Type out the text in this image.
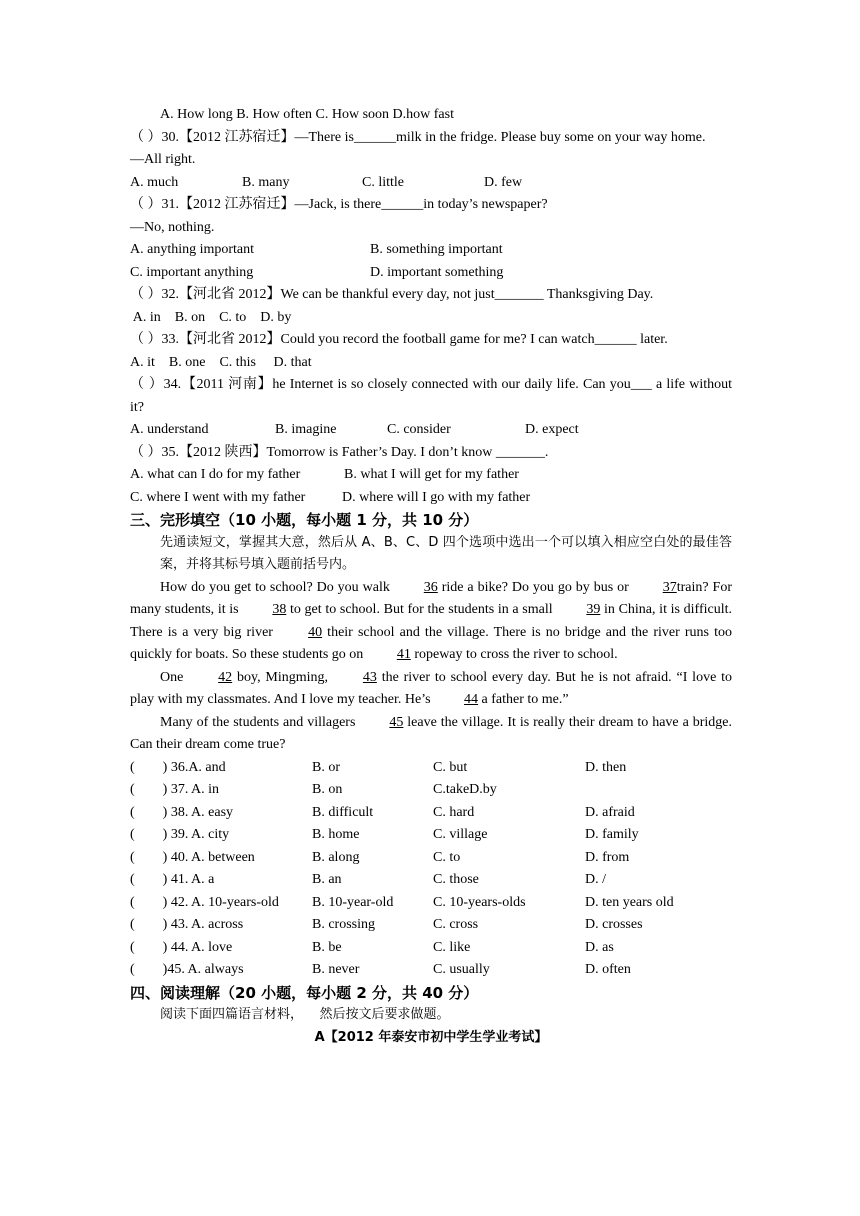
A. How long B. How often C. How soon D.how fast
（ ）30.【2012 江苏宿迁】—There is______milk in the fridge. Please buy some on your way home.
—All right.
A. much	B. many	C. little	D. few
（ ）31.【2012 江苏宿迁】—Jack, is there______in today’s newspaper?
—No, nothing.
A. anything important	B. something important
C. important anything	D. important something
（ ）32.【河北省 2012】We can be thankful every day, not just_______ Thanksgiving Day.
A. in    B. on    C. to    D. by
（ ）33.【河北省 2012】Could you record the football game for me? I can watch______ later.
A. it    B. one    C. this     D. that
（ ）34.【2011 河南】he Internet is so closely connected with our daily life. Can you___ a life without it?
A. understand	B. imagine	C. consider	D. expect
（ ）35.【2012 陕西】Tomorrow is Father’s Day. I don’t know _______.
A. what can I do for my father	B. what I will get for my father
C. where I went with my father	D. where will I go with my father
三、完形填空（10 小题，每小题 1 分，共 10 分）
先通读短文，掌握其大意，然后从 A、B、C、D 四个选项中选出一个可以填入相应空白处的最佳答案，并将其标号填入题前括号内。
How do you get to school? Do you walk 36 ride a bike? Do you go by bus or 37train? For many students, it is 38 to get to school. But for the students in a small 39 in China, it is difficult. There is a very big river 40 their school and the village. There is no bridge and the river runs too quickly for boats. So these students go on 41 ropeway to cross the river to school.
One 42 boy, Mingming, 43 the river to school every day. But he is not afraid. “I love to play with my classmates. And I love my teacher. He’s 44 a father to me.”
Many of the students and villagers 45 leave the village. It is really their dream to have a bridge. Can their dream come true?
(        ) 36.A. and	B. or	C. but	D. then
(        ) 37. A. in	B. on	C.takeD.by
(        ) 38. A. easy	B. difficult	C. hard	D. afraid
(        ) 39. A. city	B. home	C. village	D. family
(        ) 40. A. between	B. along	C. to	D. from
(        ) 41. A. a	B. an	C. those	D. /
(        ) 42. A. 10-years-old	B. 10-year-old	C. 10-years-olds	D. ten years old
(        ) 43. A. across	B. crossing	C. cross	D. crosses
(        ) 44. A. love	B. be	C. like	D. as
(        )45. A. always	B. never	C. usually	D. often
四、阅读理解（20 小题，每小题 2 分，共 40 分）
阅读下面四篇语言材料，    然后按文后要求做题。
A【2012 年泰安市初中学生学业考试】
